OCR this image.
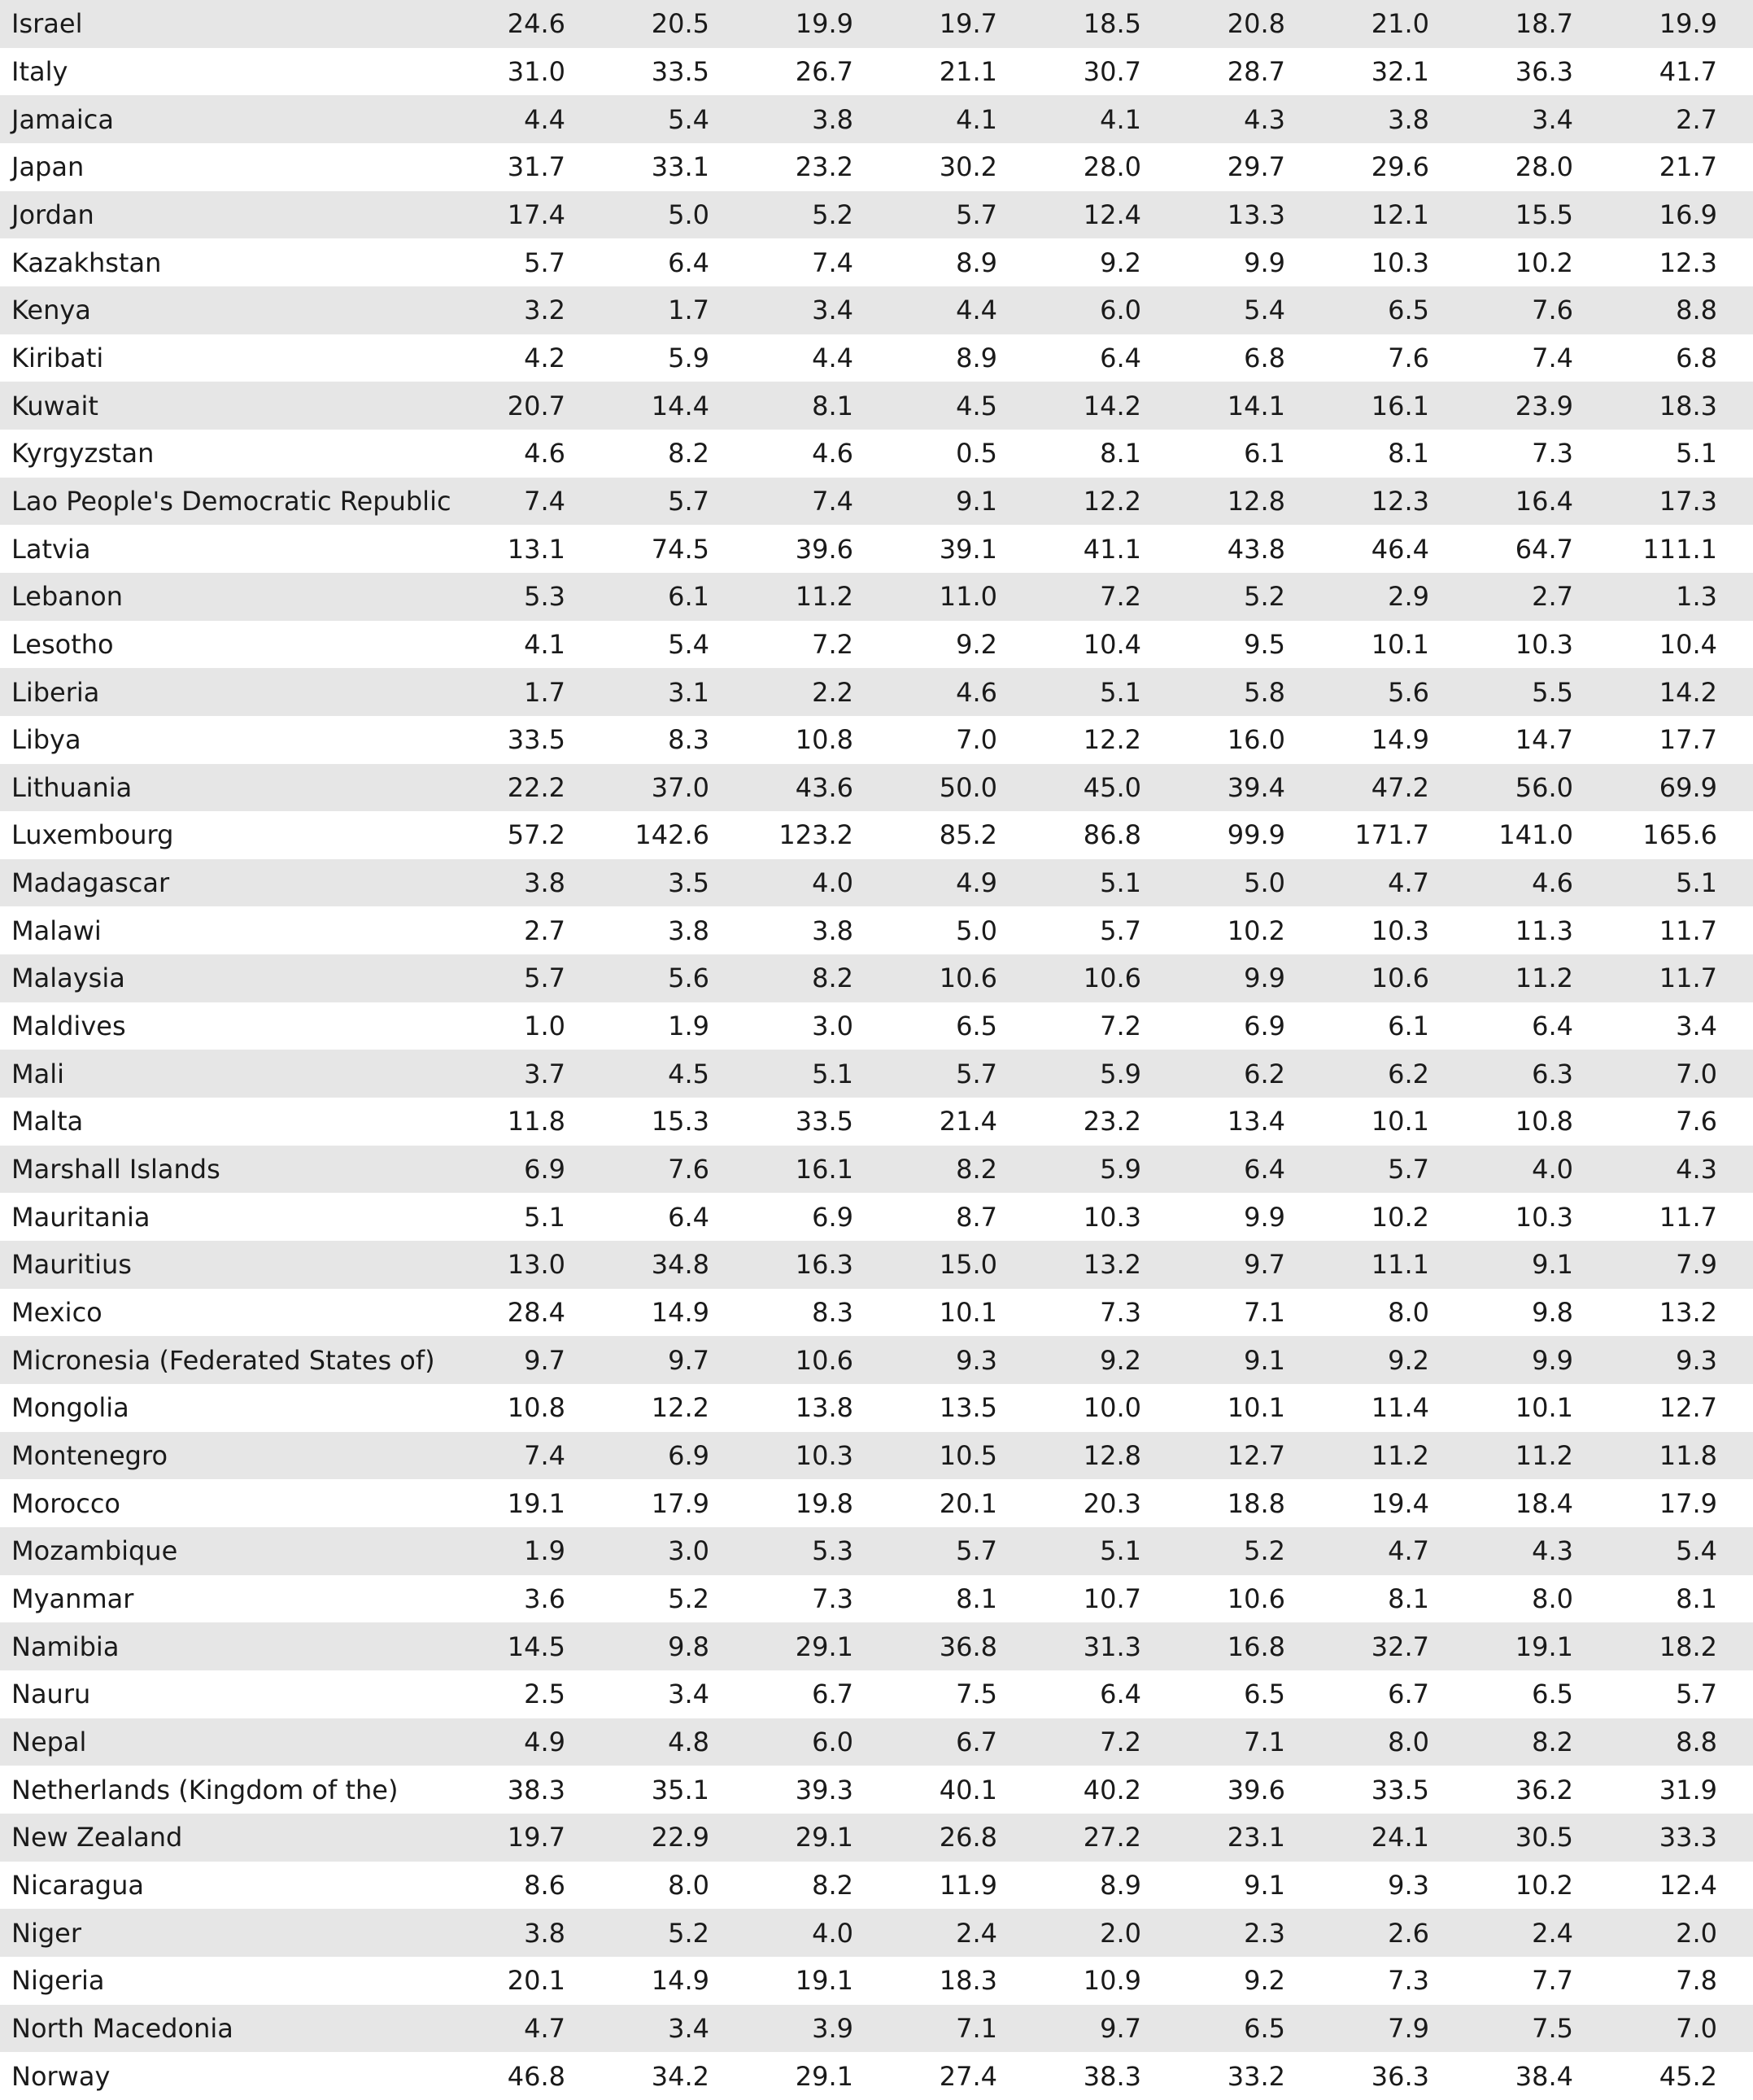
Israel	24.6	20.5	19.9	19.7	18.5	20.8	21.0	18.7	19.9
Italy	31.0	33.5	26.7	21.1	30.7	28.7	32.1	36.3	41.7
Jamaica	4.4	5.4	3.8	4.1	4.1	4.3	3.8	3.4	2.7
Japan	31.7	33.1	23.2	30.2	28.0	29.7	29.6	28.0	21.7
Jordan	17.4	5.0	5.2	5.7	12.4	13.3	12.1	15.5	16.9
Kazakhstan	5.7	6.4	7.4	8.9	9.2	9.9	10.3	10.2	12.3
Kenya	3.2	1.7	3.4	4.4	6.0	5.4	6.5	7.6	8.8
Kiribati	4.2	5.9	4.4	8.9	6.4	6.8	7.6	7.4	6.8
Kuwait	20.7	14.4	8.1	4.5	14.2	14.1	16.1	23.9	18.3
Kyrgyzstan	4.6	8.2	4.6	0.5	8.1	6.1	8.1	7.3	5.1
Lao People's Democratic Republic	7.4	5.7	7.4	9.1	12.2	12.8	12.3	16.4	17.3
Latvia	13.1	74.5	39.6	39.1	41.1	43.8	46.4	64.7	111.1
Lebanon	5.3	6.1	11.2	11.0	7.2	5.2	2.9	2.7	1.3
Lesotho	4.1	5.4	7.2	9.2	10.4	9.5	10.1	10.3	10.4
Liberia	1.7	3.1	2.2	4.6	5.1	5.8	5.6	5.5	14.2
Libya	33.5	8.3	10.8	7.0	12.2	16.0	14.9	14.7	17.7
Lithuania	22.2	37.0	43.6	50.0	45.0	39.4	47.2	56.0	69.9
Luxembourg	57.2	142.6	123.2	85.2	86.8	99.9	171.7	141.0	165.6
Madagascar	3.8	3.5	4.0	4.9	5.1	5.0	4.7	4.6	5.1
Malawi	2.7	3.8	3.8	5.0	5.7	10.2	10.3	11.3	11.7
Malaysia	5.7	5.6	8.2	10.6	10.6	9.9	10.6	11.2	11.7
Maldives	1.0	1.9	3.0	6.5	7.2	6.9	6.1	6.4	3.4
Mali	3.7	4.5	5.1	5.7	5.9	6.2	6.2	6.3	7.0
Malta	11.8	15.3	33.5	21.4	23.2	13.4	10.1	10.8	7.6
Marshall Islands	6.9	7.6	16.1	8.2	5.9	6.4	5.7	4.0	4.3
Mauritania	5.1	6.4	6.9	8.7	10.3	9.9	10.2	10.3	11.7
Mauritius	13.0	34.8	16.3	15.0	13.2	9.7	11.1	9.1	7.9
Mexico	28.4	14.9	8.3	10.1	7.3	7.1	8.0	9.8	13.2
Micronesia (Federated States of)	9.7	9.7	10.6	9.3	9.2	9.1	9.2	9.9	9.3
Mongolia	10.8	12.2	13.8	13.5	10.0	10.1	11.4	10.1	12.7
Montenegro	7.4	6.9	10.3	10.5	12.8	12.7	11.2	11.2	11.8
Morocco	19.1	17.9	19.8	20.1	20.3	18.8	19.4	18.4	17.9
Mozambique	1.9	3.0	5.3	5.7	5.1	5.2	4.7	4.3	5.4
Myanmar	3.6	5.2	7.3	8.1	10.7	10.6	8.1	8.0	8.1
Namibia	14.5	9.8	29.1	36.8	31.3	16.8	32.7	19.1	18.2
Nauru	2.5	3.4	6.7	7.5	6.4	6.5	6.7	6.5	5.7
Nepal	4.9	4.8	6.0	6.7	7.2	7.1	8.0	8.2	8.8
Netherlands (Kingdom of the)	38.3	35.1	39.3	40.1	40.2	39.6	33.5	36.2	31.9
New Zealand	19.7	22.9	29.1	26.8	27.2	23.1	24.1	30.5	33.3
Nicaragua	8.6	8.0	8.2	11.9	8.9	9.1	9.3	10.2	12.4
Niger	3.8	5.2	4.0	2.4	2.0	2.3	2.6	2.4	2.0
Nigeria	20.1	14.9	19.1	18.3	10.9	9.2	7.3	7.7	7.8
North Macedonia	4.7	3.4	3.9	7.1	9.7	6.5	7.9	7.5	7.0
Norway	46.8	34.2	29.1	27.4	38.3	33.2	36.3	38.4	45.2
